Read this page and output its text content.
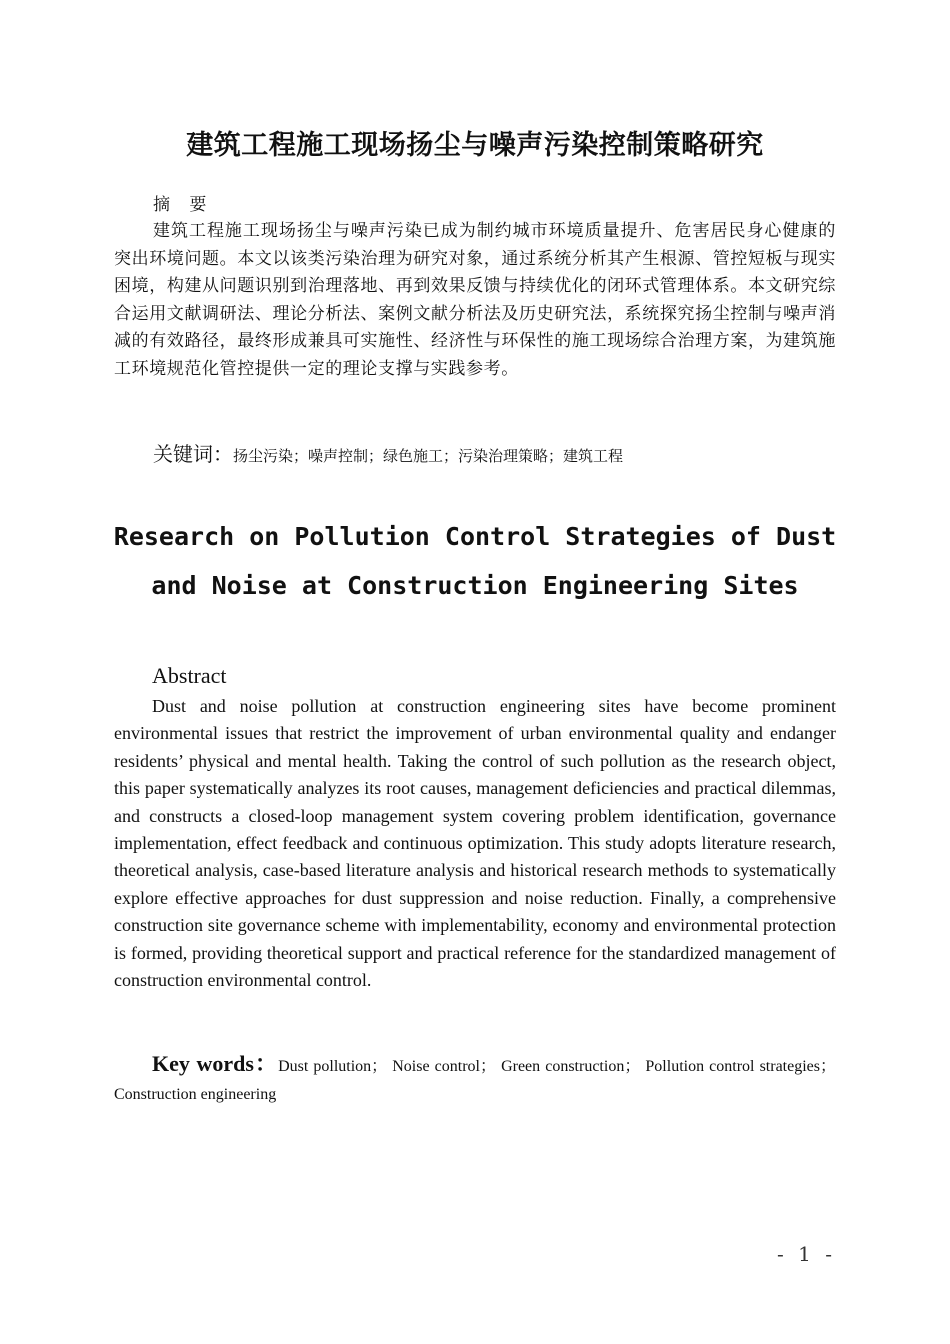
建筑工程施工现场扬尘与噪声污染控制策略研究
摘 要
建筑工程施工现场扬尘与噪声污染已成为制约城市环境质量提升、危害居民身心健康的突出环境问题。本文以该类污染治理为研究对象，通过系统分析其产生根源、管控短板与现实困境，构建从问题识别到治理落地、再到效果反馈与持续优化的闭环式管理体系。本文研究综合运用文献调研法、理论分析法、案例文献分析法及历史研究法，系统探究扬尘控制与噪声消减的有效路径，最终形成兼具可实施性、经济性与环保性的施工现场综合治理方案，为建筑施工环境规范化管控提供一定的理论支撑与实践参考。
关键词：扬尘污染；噪声控制；绿色施工；污染治理策略；建筑工程
Research on Pollution Control Strategies of Dust
and Noise at Construction Engineering Sites
Abstract
Dust and noise pollution at construction engineering sites have become prominent environmental issues that restrict the improvement of urban environmental quality and endanger residents’ physical and mental health. Taking the control of such pollution as the research object, this paper systematically analyzes its root causes, management deficiencies and practical dilemmas, and constructs a closed-loop management system covering problem identification, governance implementation, effect feedback and continuous optimization. This study adopts literature research, theoretical analysis, case-based literature analysis and historical research methods to systematically explore effective approaches for dust suppression and noise reduction. Finally, a comprehensive construction site governance scheme with implementability, economy and environmental protection is formed, providing theoretical support and practical reference for the standardized management of construction environmental control.
Key words：Dust pollution； Noise control； Green construction； Pollution control strategies；Construction engineering
- 1 -
